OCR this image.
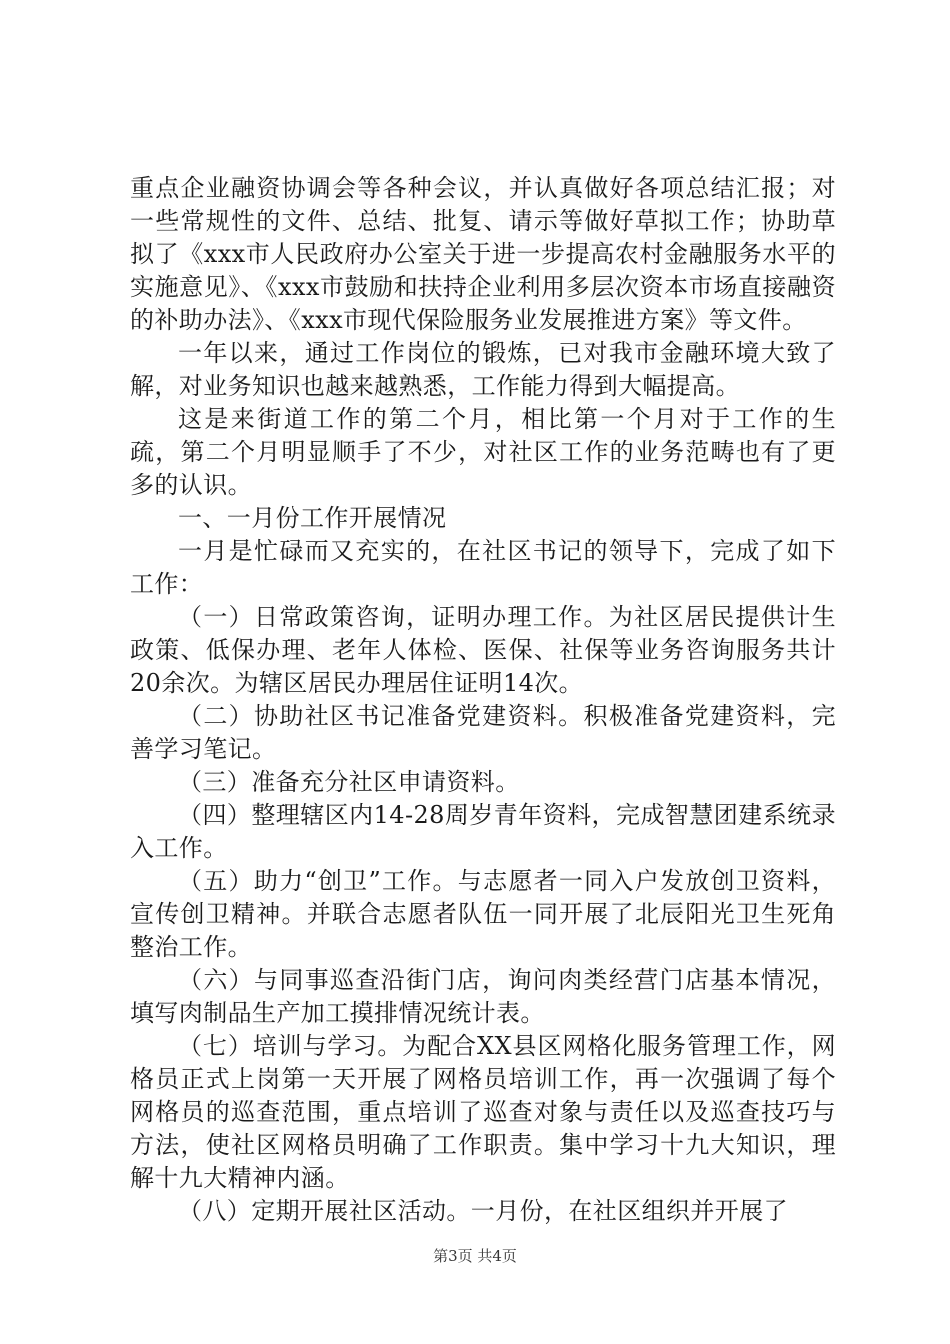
重点企业融资协调会等各种会议，并认真做好各项总结汇报；对一些常规性的文件、总结、批复、请示等做好草拟工作；协助草拟了《xxx市人民政府办公室关于进一步提高农村金融服务水平的实施意见》、《xxx市鼓励和扶持企业利用多层次资本市场直接融资的补助办法》、《xxx市现代保险服务业发展推进方案》等文件。

一年以来，通过工作岗位的锻炼，已对我市金融环境大致了解，对业务知识也越来越熟悉，工作能力得到大幅提高。

这是来街道工作的第二个月，相比第一个月对于工作的生疏，第二个月明显顺手了不少，对社区工作的业务范畴也有了更多的认识。

一、一月份工作开展情况

一月是忙碌而又充实的，在社区书记的领导下，完成了如下工作：

（一）日常政策咨询，证明办理工作。为社区居民提供计生政策、低保办理、老年人体检、医保、社保等业务咨询服务共计20余次。为辖区居民办理居住证明14次。

（二）协助社区书记准备党建资料。积极准备党建资料，完善学习笔记。

（三）准备充分社区申请资料。

（四）整理辖区内14-28周岁青年资料，完成智慧团建系统录入工作。

（五）助力“创卫”工作。与志愿者一同入户发放创卫资料，宣传创卫精神。并联合志愿者队伍一同开展了北辰阳光卫生死角整治工作。

（六）与同事巡查沿街门店，询问肉类经营门店基本情况，填写肉制品生产加工摸排情况统计表。

（七）培训与学习。为配合XX县区网格化服务管理工作，网格员正式上岗第一天开展了网格员培训工作，再一次强调了每个网格员的巡查范围，重点培训了巡查对象与责任以及巡查技巧与方法，使社区网格员明确了工作职责。集中学习十九大知识，理解十九大精神内涵。

（八）定期开展社区活动。一月份，在社区组织并开展了

第3页 共4页
